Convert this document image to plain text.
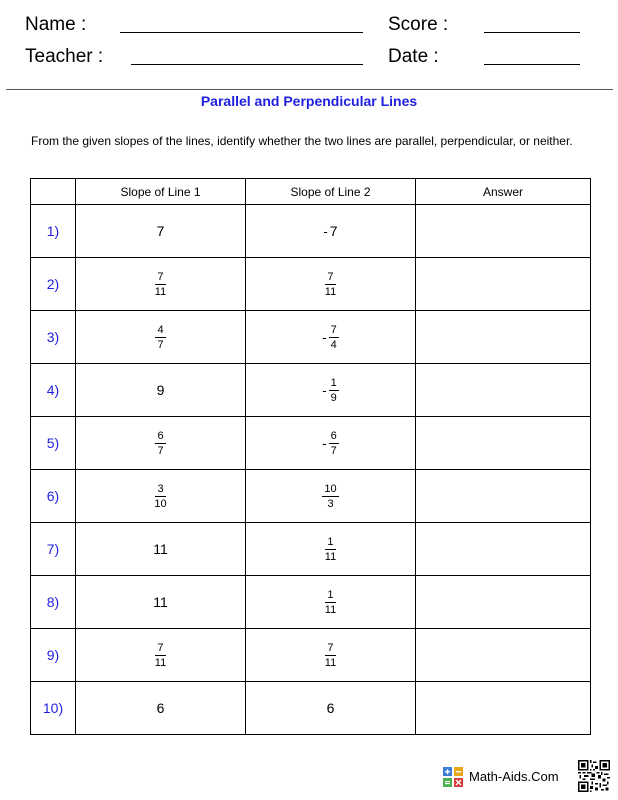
Name :	Score :
Teacher :	Date :
Parallel and Perpendicular Lines
From the given slopes of the lines, identify whether the two lines are parallel, perpendicular, or neither.
	Slope of Line 1	Slope of Line 2	Answer
1)	7	- 7	
2)	$\frac{7}{11}$	$\frac{7}{11}$

3)	$\frac{4}{7}$	- $\frac{7}{4}$

4)	9	- $\frac{1}{9}$

5)	$\frac{6}{7}$	- $\frac{6}{7}$

6)	$\frac{3}{10}$	$\frac{10}{3}$

7)	11	$\frac{1}{11}$

8)	11	$\frac{1}{11}$

9)	$\frac{7}{11}$	$\frac{7}{11}$

10)	6	6	
Math-Aids.Com
